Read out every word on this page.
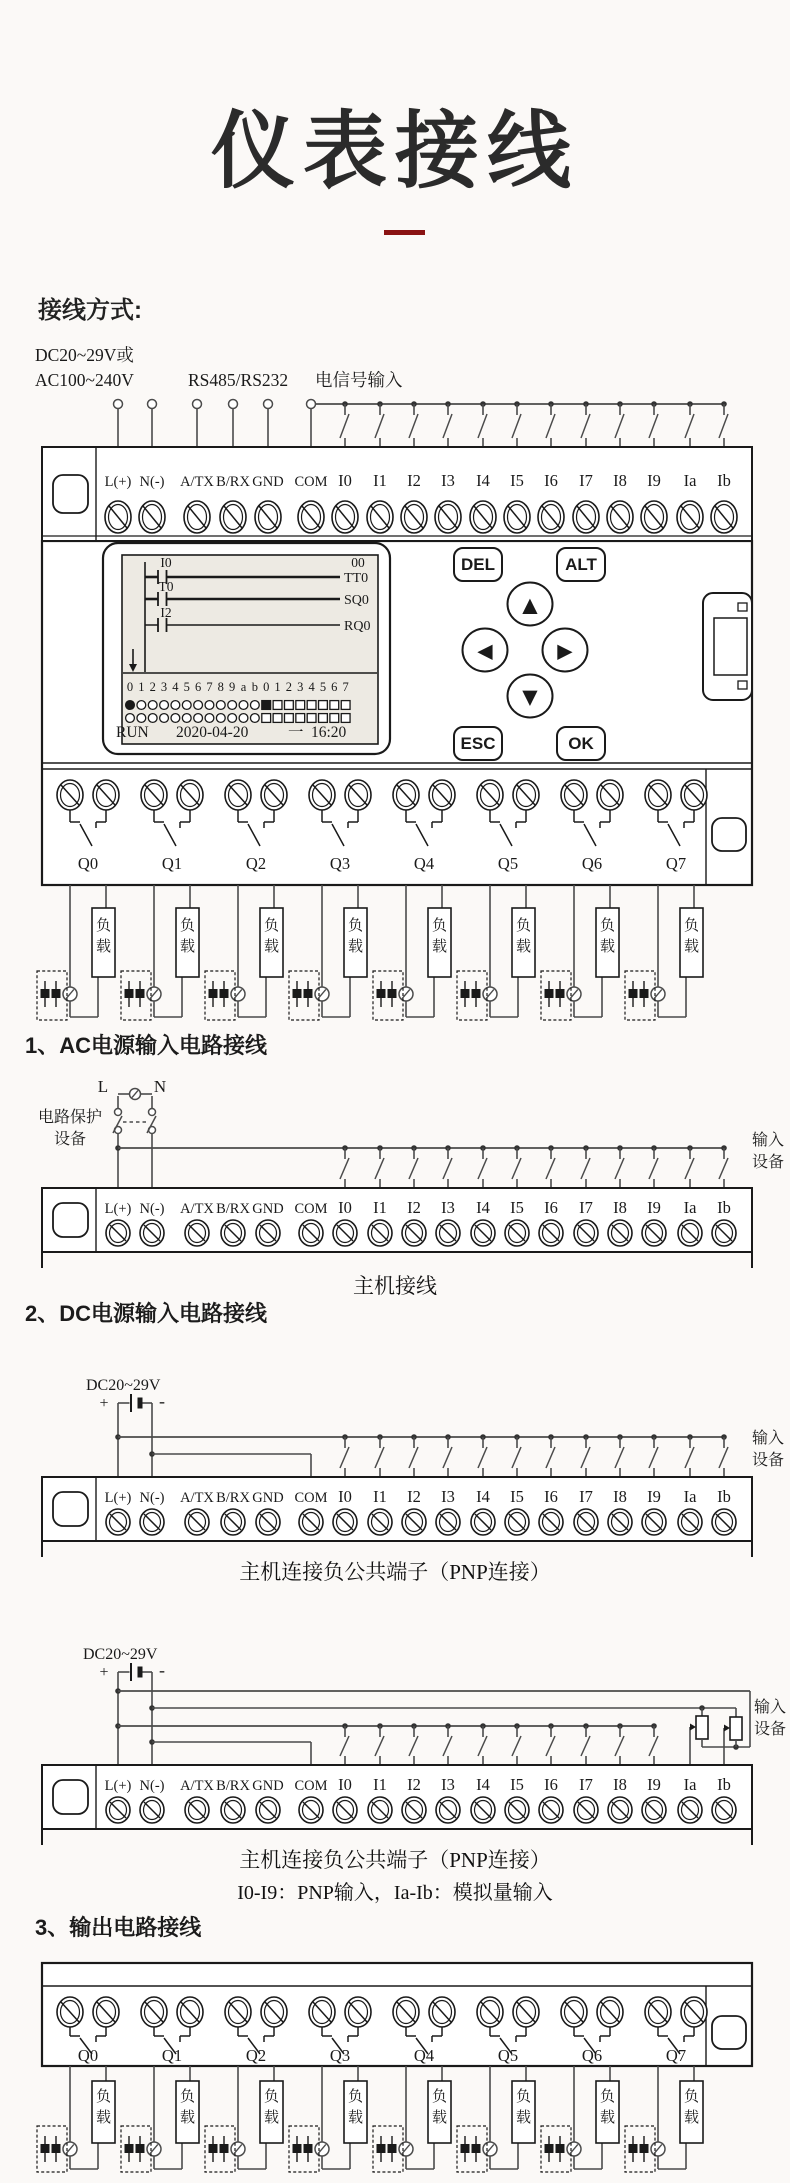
仪表接线
接线方式:
1、AC电源输入电路接线
2、DC电源输入电路接线
3、输出电路接线
主机接线
主机连接负公共端子（PNP连接）
主机连接负公共端子（PNP连接）
I0-I9：PNP输入，Ia-Ib：模拟量输入
DC20~29V或
AC100~240V	RS485/RS232 电信号输入
L(+) N(-) A/TX B/RX GND COM I0 I1 I2 I3 I4 I5 I6 I7 I8 I9 Ia Ib
I0	00
TT0
T0
SQ0
I2
RQ0
0 1 2 3 4 5 6 7 8 9 a b 0 1 2 3 4 5 6 7
RUN 2020-04-20	一 16:20
DEL	ALT
ESC	OK
▲
◀	▶
▼
Q0	Q1	Q2	Q3	Q4	Q5	Q6	Q7
负
载
负
载
负
载
负
载
负
载
负
载
负
载
负
载
L	N
电路保护
设备	输入
设备
L(+) N(-) A/TX B/RX GND COM I0 I1 I2 I3 I4 I5 I6 I7 I8 I9 Ia Ib
DC20~29V
+	-
输入
设备
L(+) N(-) A/TX B/RX GND COM I0 I1 I2 I3 I4 I5 I6 I7 I8 I9 Ia Ib
DC20~29V
+	-
输入
设备
L(+) N(-) A/TX B/RX GND COM I0 I1 I2 I3 I4 I5 I6 I7 I8 I9 Ia Ib
Q0	Q1	Q2	Q3	Q4	Q5	Q6	Q7
负
载
负
载
负
载
负
载
负
载
负
载
负
载
负
载
